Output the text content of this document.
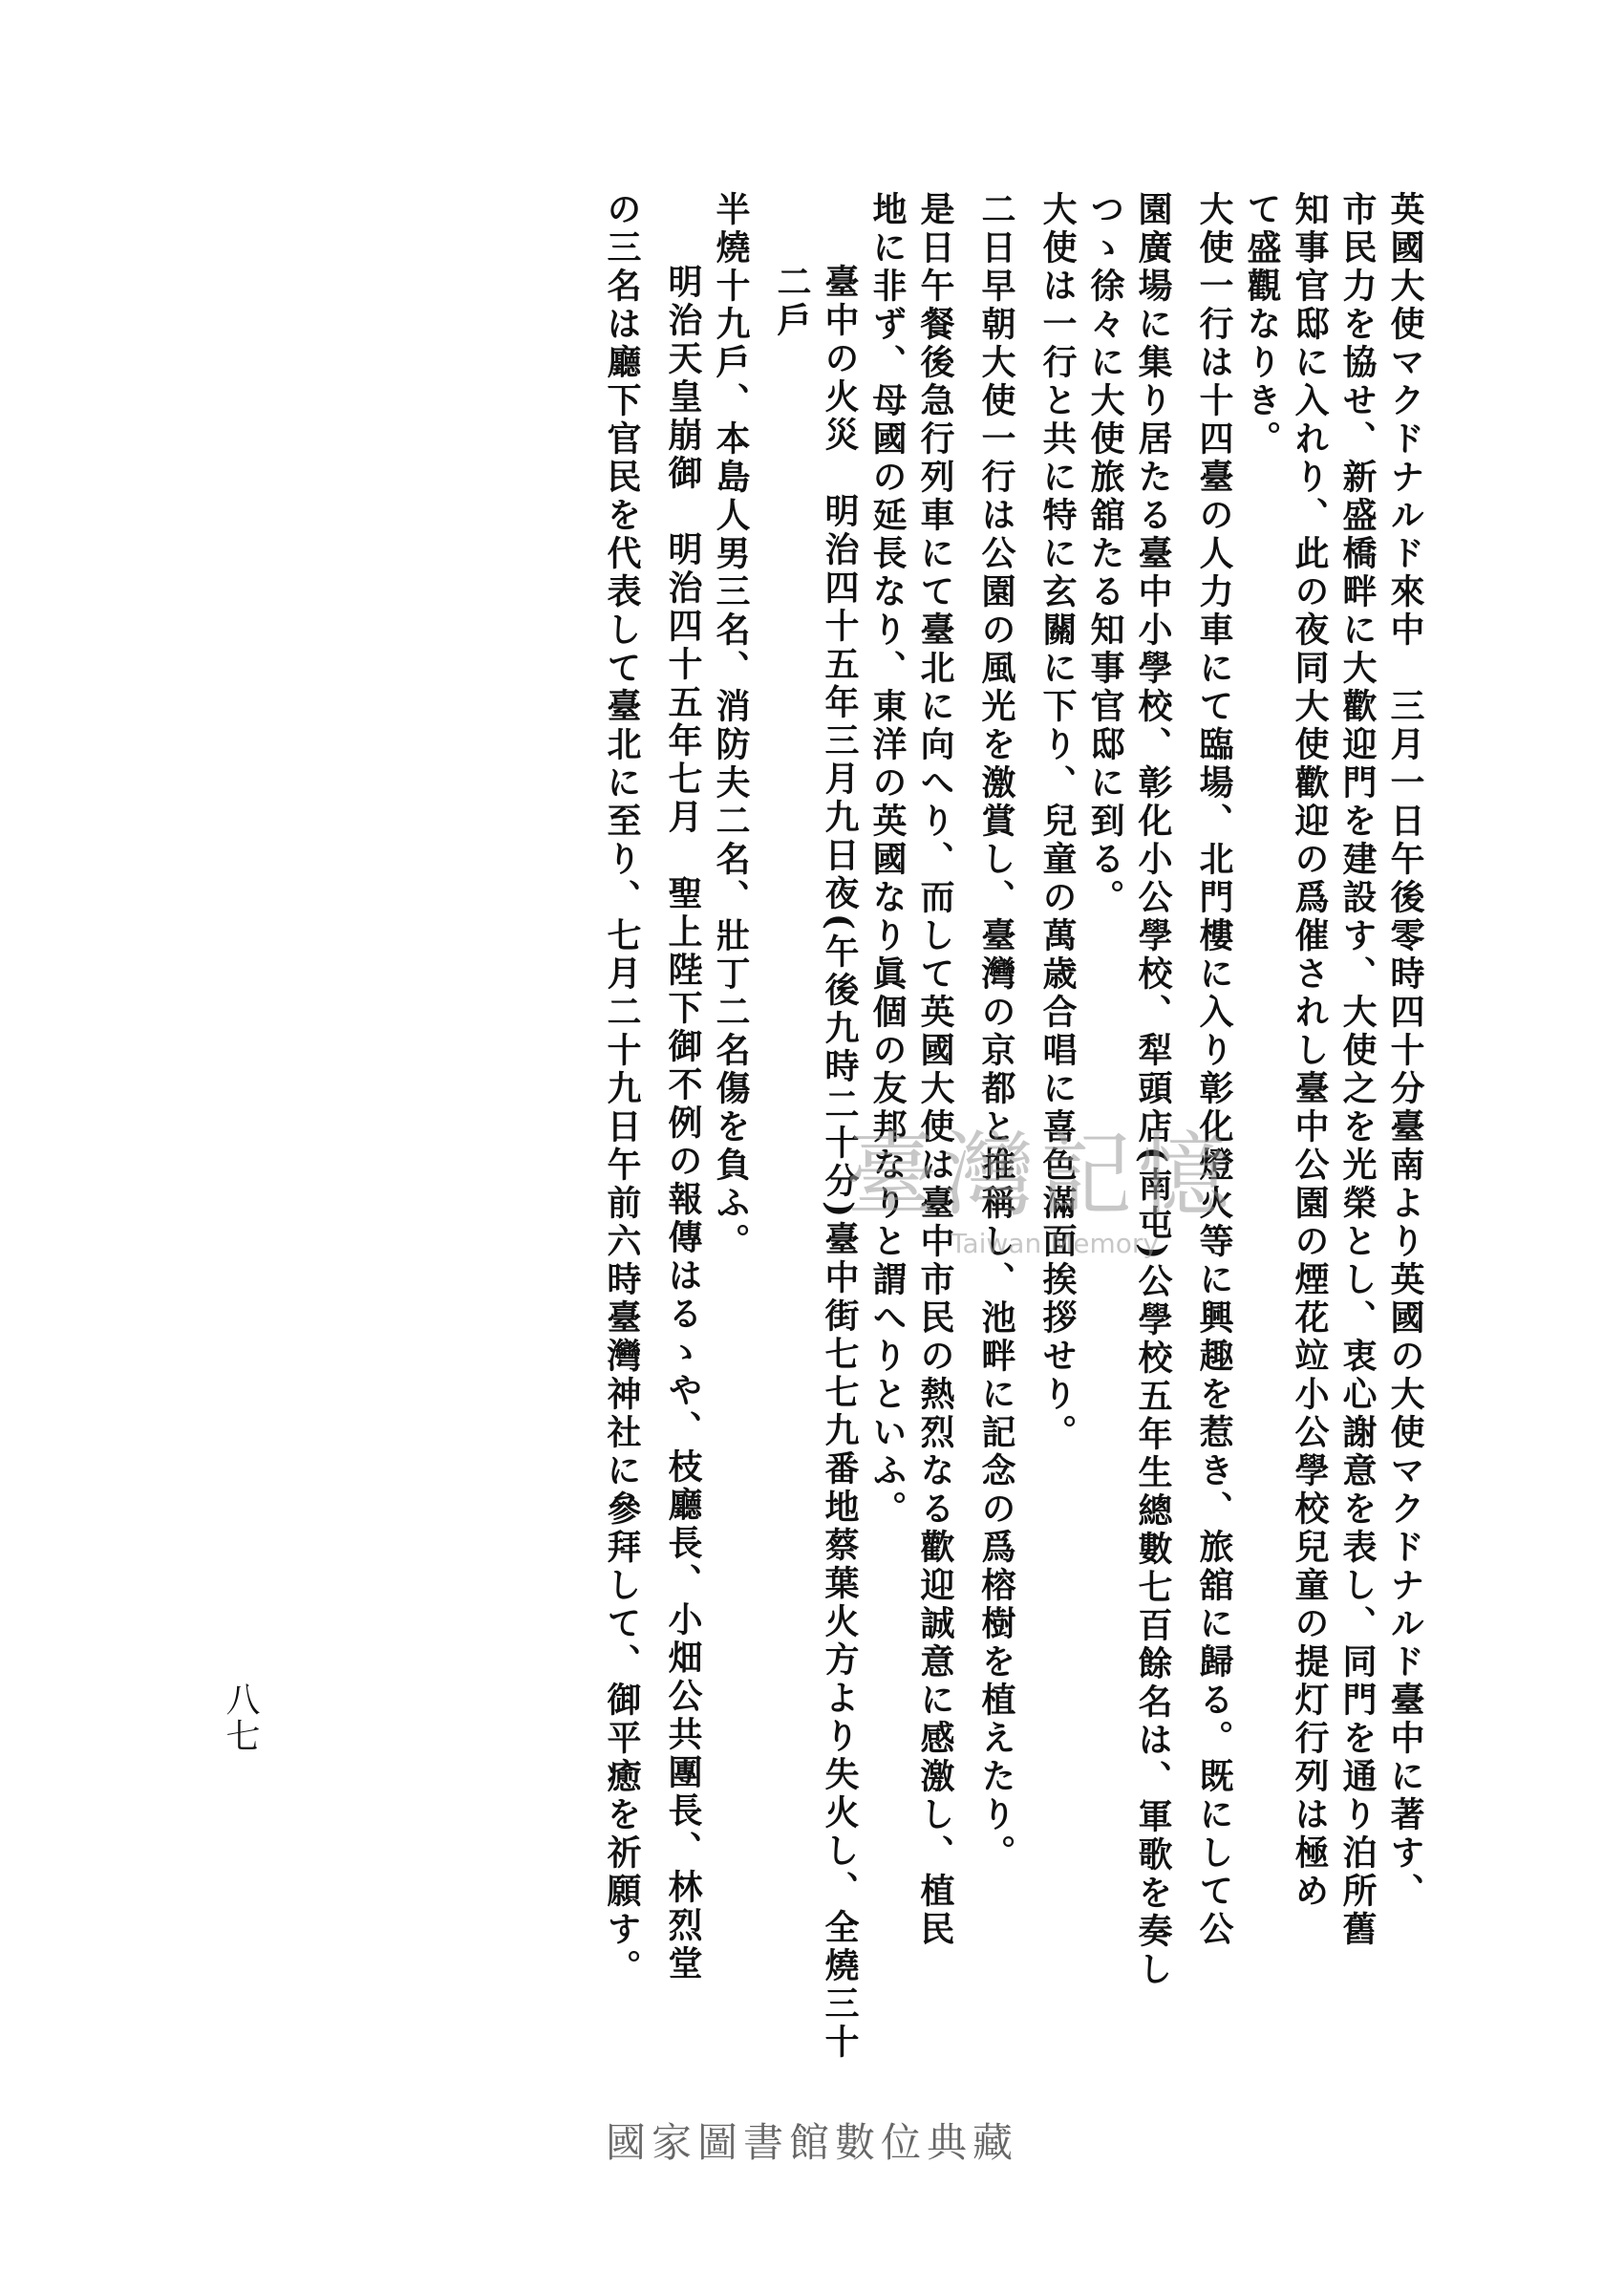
英國大使マクドナルド來中　三月一日午後零時四十分臺南より英國の大使マクドナルド臺中に著す、
市民力を協せ、新盛橋畔に大歡迎門を建設す、大使之を光榮とし、衷心謝意を表し、同門を通り泊所舊
知事官邸に入れり、此の夜同大使歡迎の爲催されし臺中公園の煙花竝小公學校兒童の提灯行列は極め
て盛觀なりき。
大使一行は十四臺の人力車にて臨場、北門樓に入り彰化燈火等に興趣を惹き、旅舘に歸る。既にして公
園廣場に集り居たる臺中小學校、彰化小公學校、犁頭店(南屯)公學校五年生總數七百餘名は、軍歌を奏し
つゝ徐々に大使旅舘たる知事官邸に到る。
大使は一行と共に特に玄關に下り、兒童の萬歳合唱に喜色滿面挨拶せり。
二日早朝大使一行は公園の風光を激賞し、臺灣の京都と推稱し、池畔に記念の爲榕樹を植えたり。
是日午餐後急行列車にて臺北に向へり、而して英國大使は臺中市民の熱烈なる歡迎誠意に感激し、植民
地に非ず、母國の延長なり、東洋の英國なり眞個の友邦なりと謂へりといふ。
臺中の火災　明治四十五年三月九日夜(午後九時二十分)臺中街七七九番地蔡葉火方より失火し、全燒三十二戶
半燒十九戶、本島人男三名、消防夫二名、壯丁二名傷を負ふ。
明治天皇崩御　明治四十五年七月　聖上陛下御不例の報傳はるゝや、枝廳長、小畑公共團長、林烈堂
の三名は廳下官民を代表して臺北に至り、七月二十九日午前六時臺灣神社に參拜して、御平癒を祈願す。 臺灣記憶
Taiwan Memory
八七
國家圖書館數位典藏
